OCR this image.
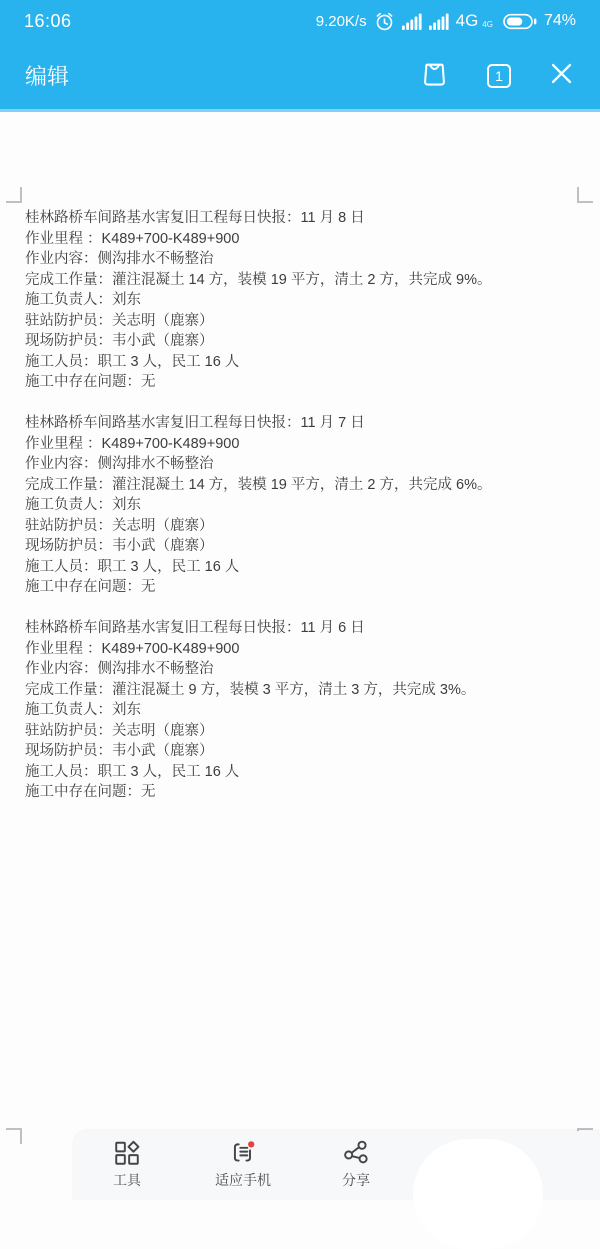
16:06	9.20K/s	4G 4G	74%
编辑	1

桂林路桥车间路基水害复旧工程每日快报：11 月 8 日

作业里程 ：K489+700-K489+900

作业内容：侧沟排水不畅整治

完成工作量：灌注混凝土 14 方，装模 19 平方，清土 2 方，共完成 9%。

施工负责人：刘东

驻站防护员：关志明（鹿寨）

现场防护员：韦小武（鹿寨）

施工人员：职工 3 人，民工 16 人

施工中存在问题：无

桂林路桥车间路基水害复旧工程每日快报：11 月 7 日

作业里程 ：K489+700-K489+900

作业内容：侧沟排水不畅整治

完成工作量：灌注混凝土 14 方，装模 19 平方，清土 2 方，共完成 6%。

施工负责人：刘东

驻站防护员：关志明（鹿寨）

现场防护员：韦小武（鹿寨）

施工人员：职工 3 人，民工 16 人

施工中存在问题：无

桂林路桥车间路基水害复旧工程每日快报：11 月 6 日

作业里程 ：K489+700-K489+900

作业内容：侧沟排水不畅整治

完成工作量：灌注混凝土 9 方，装模 3 平方，清土 3 方，共完成 3%。

施工负责人：刘东

驻站防护员：关志明（鹿寨）

现场防护员：韦小武（鹿寨）

施工人员：职工 3 人，民工 16 人

施工中存在问题：无

工具	适应手机	分享
